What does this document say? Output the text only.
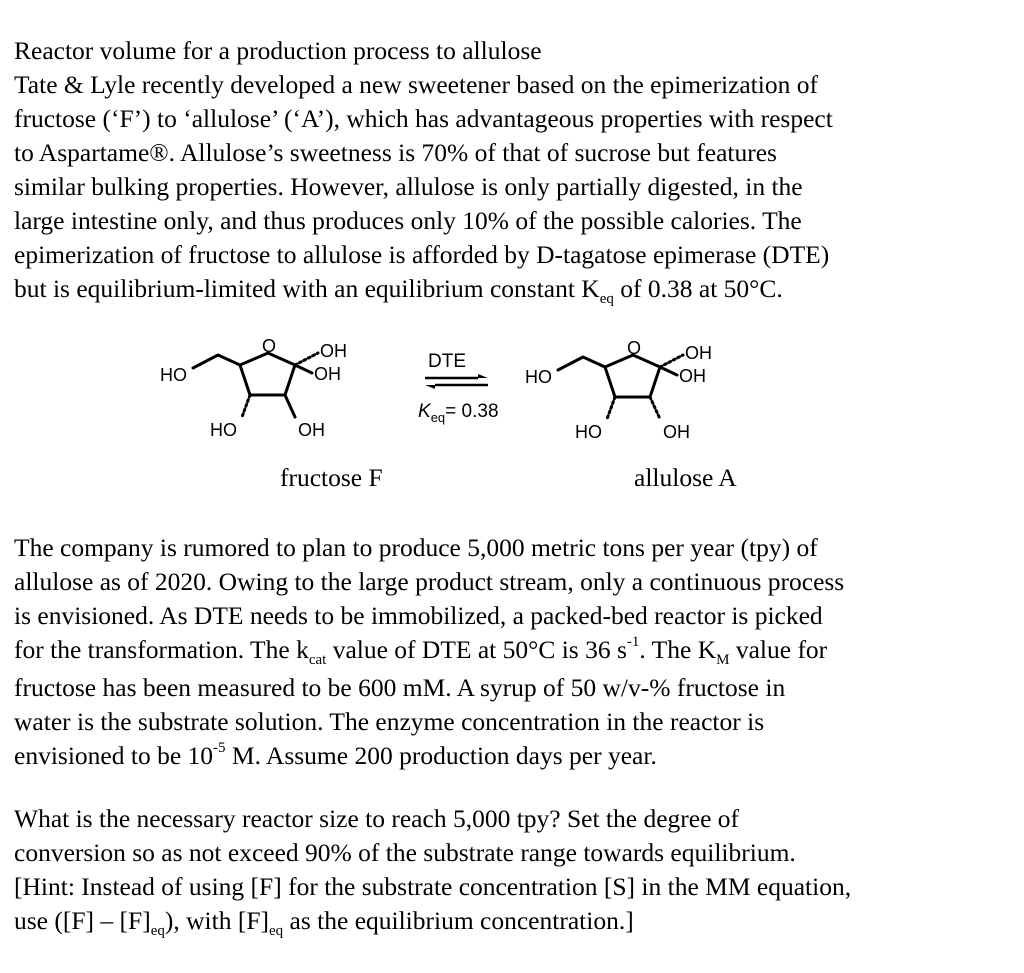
Reactor volume for a production process to allulose
Tate & Lyle recently developed a new sweetener based on the epimerization of
fructose (‘F’) to ‘allulose’ (‘A’), which has advantageous properties with respect
to Aspartame®. Allulose’s sweetness is 70% of that of sucrose but features
similar bulking properties. However, allulose is only partially digested, in the
large intestine only, and thus produces only 10% of the possible calories. The
epimerization of fructose to allulose is afforded by D-tagatose epimerase (DTE)
but is equilibrium-limited with an equilibrium constant $K_{eq}$ of 0.38 at 50°C.

HO
O OH
OH
HO	OH
DTE
$K_{eq}= 0.38$
HO
O OH
OH
HO	OH
fructose F	allulose A

The company is rumored to plan to produce 5,000 metric tons per year (tpy) of
allulose as of 2020. Owing to the large product stream, only a continuous process
is envisioned. As DTE needs to be immobilized, a packed-bed reactor is picked
for the transformation. The $k_{cat}$ value of DTE at 50°C is 36 $s^{-1}$. The $K_M$ value for
fructose has been measured to be 600 mM. A syrup of 50 w/v-% fructose in
water is the substrate solution. The enzyme concentration in the reactor is
envisioned to be $10^{-5}$ M. Assume 200 production days per year.

What is the necessary reactor size to reach 5,000 tpy? Set the degree of
conversion so as not exceed 90% of the substrate range towards equilibrium.
[Hint: Instead of using [F] for the substrate concentration [S] in the MM equation,
use $([F] - [F]_{eq})$, with $[F]_{eq}$ as the equilibrium concentration.]
